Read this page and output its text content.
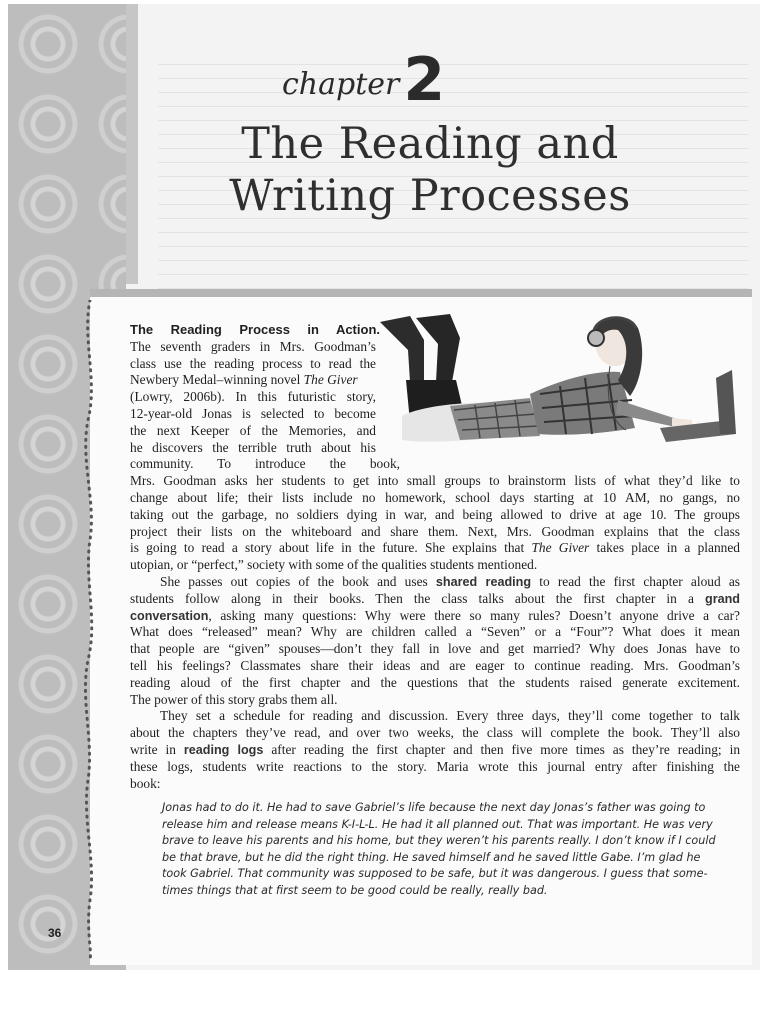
chapter 2
The Reading and
Writing Processes
The Reading Process in Action.
The seventh graders in Mrs. Goodman’s
class use the reading process to read the
Newbery Medal–winning novel The Giver
(Lowry, 2006b). In this futuristic story,
12-year-old Jonas is selected to become
the next Keeper of the Memories, and
he discovers the terrible truth about his
community. To introduce the book,
Mrs. Goodman asks her students to get into small groups to brainstorm lists of what they’d like to
change about life; their lists include no homework, school days starting at 10 AM, no gangs, no
taking out the garbage, no soldiers dying in war, and being allowed to drive at age 10. The groups
project their lists on the whiteboard and share them. Next, Mrs. Goodman explains that the class
is going to read a story about life in the future. She explains that The Giver takes place in a planned
utopian, or “perfect,” society with some of the qualities students mentioned.
She passes out copies of the book and uses shared reading to read the first chapter aloud as
students follow along in their books. Then the class talks about the first chapter in a grand
conversation, asking many questions: Why were there so many rules? Doesn’t anyone drive a car?
What does “released” mean? Why are children called a “Seven” or a “Four”? What does it mean
that people are “given” spouses—don’t they fall in love and get married? Why does Jonas have to
tell his feelings? Classmates share their ideas and are eager to continue reading. Mrs. Goodman’s
reading aloud of the first chapter and the questions that the students raised generate excitement.
The power of this story grabs them all.
They set a schedule for reading and discussion. Every three days, they’ll come together to talk
about the chapters they’ve read, and over two weeks, the class will complete the book. They’ll also
write in reading logs after reading the first chapter and then five more times as they’re reading; in
these logs, students write reactions to the story. Maria wrote this journal entry after finishing the
book:
Jonas had to do it. He had to save Gabriel’s life because the next day Jonas’s father was going to
release him and release means K-I-L-L. He had it all planned out. That was important. He was very
brave to leave his parents and his home, but they weren’t his parents really. I don’t know if I could
be that brave, but he did the right thing. He saved himself and he saved little Gabe. I’m glad he
took Gabriel. That community was supposed to be safe, but it was dangerous. I guess that some-
times things that at first seem to be good could be really, really bad.
36
